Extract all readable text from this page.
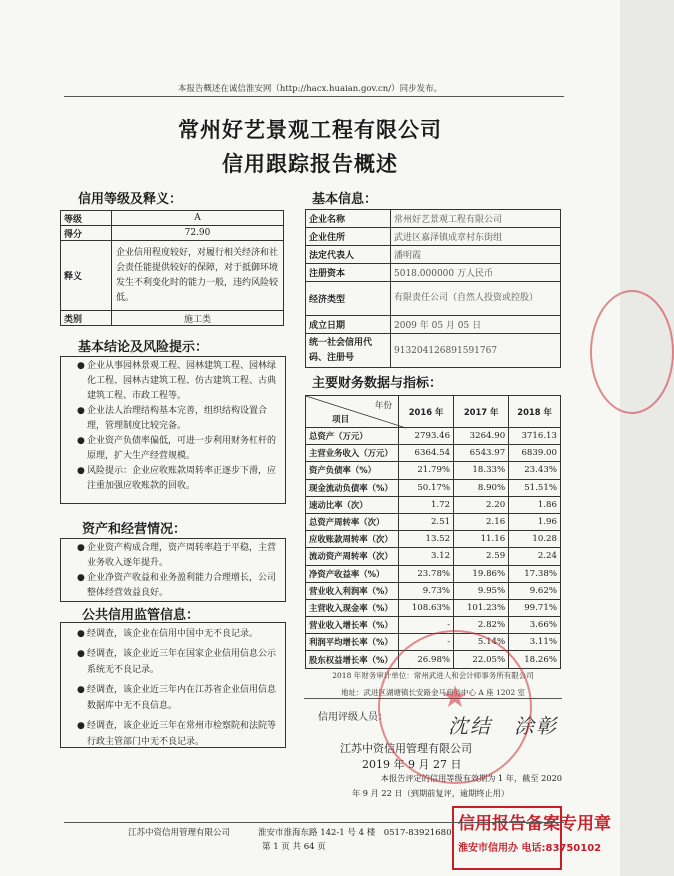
本报告概述在诚信淮安网（http://hacx.huaian.gov.cn/）同步发布。
常州好艺景观工程有限公司
信用跟踪报告概述
信用等级及释义：
等级	A
得分	72.90
释义	企业信用程度较好，对履行相关经济和社会责任能提供较好的保障，对于抵御环境发生不利变化时的能力一般，违约风险较低。
类别	施工类
基本信息：
企业名称	常州好艺景观工程有限公司
企业住所	武进区嘉泽镇成章村东街组
法定代表人	潘明霞
注册资本	5018.000000 万人民币
经济类型	有限责任公司（自然人投资或控股）
成立日期	2009 年 05 月 05 日
统一社会信用代码、注册号	913204126891591767
基本结论及风险提示：

● 企业从事园林景观工程、园林建筑工程、园林绿化工程、园林古建筑工程、仿古建筑工程、古典建筑工程、市政工程等。

● 企业法人治理结构基本完善，组织结构设置合理，管理制度比较完备。

● 企业资产负债率偏低，可进一步利用财务杠杆的原理，扩大生产经营规模。

● 风险提示：企业应收账款周转率正逐步下滑，应注重加强应收账款的回收。

资产和经营情况：

● 企业资产构成合理，资产周转率趋于平稳，主营业务收入逐年提升。

● 企业净资产收益和业务盈利能力合理增长，公司整体经营效益良好。

公共信用监管信息：

● 经调查，该企业在信用中国中无不良记录。

● 经调查，该企业近三年在国家企业信用信息公示系统无不良记录。

● 经调查，该企业近三年内在江苏省企业信用信息数据库中无不良信息。

● 经调查，该企业近三年在常州市检察院和法院等行政主管部门中无不良记录。

主要财务数据与指标：
年份
项目	2016 年	2017 年	2018 年
总资产（万元）	2793.46	3264.90	3716.13
主营业务收入（万元）	6364.54	6543.97	6839.00
资产负债率（%）	21.79%	18.33%	23.43%
现金流动负债率（%）	50.17%	8.90%	51.51%
速动比率（次）	1.72	2.20	1.86
总资产周转率（次）	2.51	2.16	1.96
应收账款周转率（次）	13.52	11.16	10.28
流动资产周转率（次）	3.12	2.59	2.24
净资产收益率（%）	23.78%	19.86%	17.38%
营业收入利润率（%）	9.73%	9.95%	9.62%
主营收入现金率（%）	108.63%	101.23%	99.71%
营业收入增长率（%）	-	2.82%	3.66%
利润平均增长率（%）	-	5.14%	3.11%
股东权益增长率（%）	26.98%	22.05%	18.26%
2018 年财务审计单位：常州武进人和会计师事务所有限公司
地址：武进区湖塘镇长安路金马商务中心 A 座 1202 室
信用评级人员：	沈结　涂彰
江苏中资信用管理有限公司
2019 年 9 月 27 日
本报告评定的信用等级有效期为 1 年，截至 2020
年 9 月 22 日（到期前复评，逾期终止用）
★
信用报告备案专用章
淮安市信用办 电话:83750102
江苏中资信用管理有限公司	淮安市淮海东路 142-1 号 4 楼　0517-83921680
第 1 页 共 64 页
